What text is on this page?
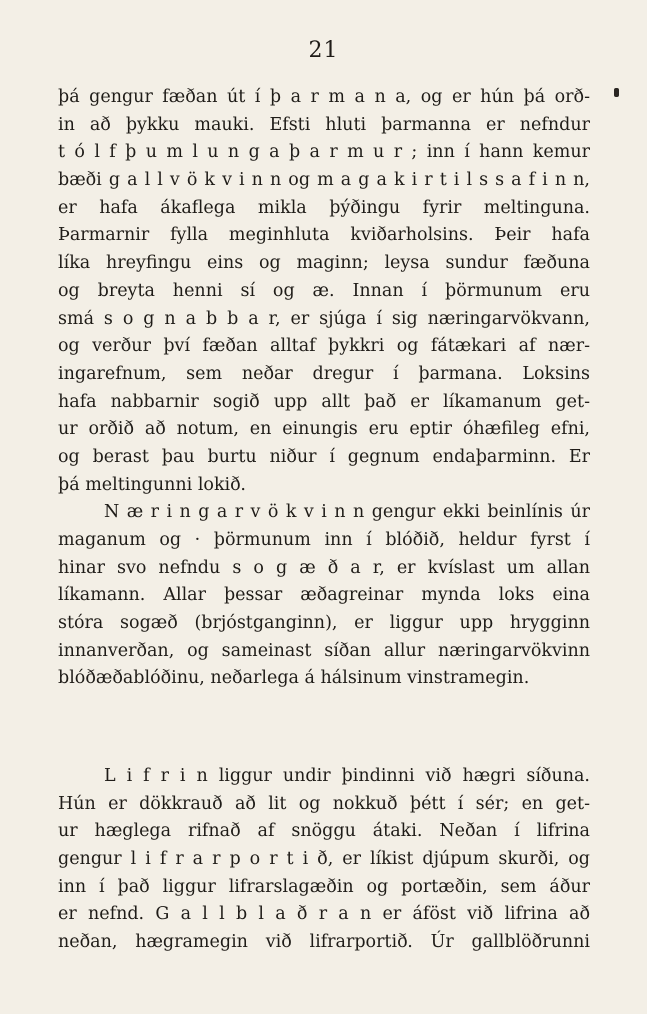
21
þá gengur fæðan út í þ a r m a n a, og er hún þá orð-
in að þykku mauki. Efsti hluti þarmanna er nefndur
t ó l f þ u m l u n g a þ a r m u r ; inn í hann kemur
bæði g a l l v ö k v i n n og m a g a k i r t i l s s a f i n n,
er hafa ákaflega mikla þýðingu fyrir meltinguna.
Þarmarnir fylla meginhluta kviðarholsins. Þeir hafa
líka hreyfingu eins og maginn; leysa sundur fæðuna
og breyta henni sí og æ. Innan í þörmunum eru
smá s o g n a b b a r, er sjúga í sig næringarvökvann,
og verður því fæðan alltaf þykkri og fátækari af nær-
ingarefnum, sem neðar dregur í þarmana. Loksins
hafa nabbarnir sogið upp allt það er líkamanum get-
ur orðið að notum, en einungis eru eptir óhæfileg efni,
og berast þau burtu niður í gegnum endaþarminn. Er
þá meltingunni lokið.
N æ r i n g a r v ö k v i n n gengur ekki beinlínis úr
maganum og · þörmunum inn í blóðið, heldur fyrst í
hinar svo nefndu s o g æ ð a r, er kvíslast um allan
líkamann. Allar þessar æðagreinar mynda loks eina
stóra sogæð (brjóstganginn), er liggur upp hrygginn
innanverðan, og sameinast síðan allur næringarvökvinn
blóðæðablóðinu, neðarlega á hálsinum vinstramegin.
L i f r i n liggur undir þindinni við hægri síðuna.
Hún er dökkrauð að lit og nokkuð þétt í sér; en get-
ur hæglega rifnað af snöggu átaki. Neðan í lifrina
gengur l i f r a r p o r t i ð, er líkist djúpum skurði, og
inn í það liggur lifrarslagæðin og portæðin, sem áður
er nefnd. G a l l b l a ð r a n er áföst við lifrina að
neðan, hægramegin við lifrarportið. Úr gallblöðrunni
